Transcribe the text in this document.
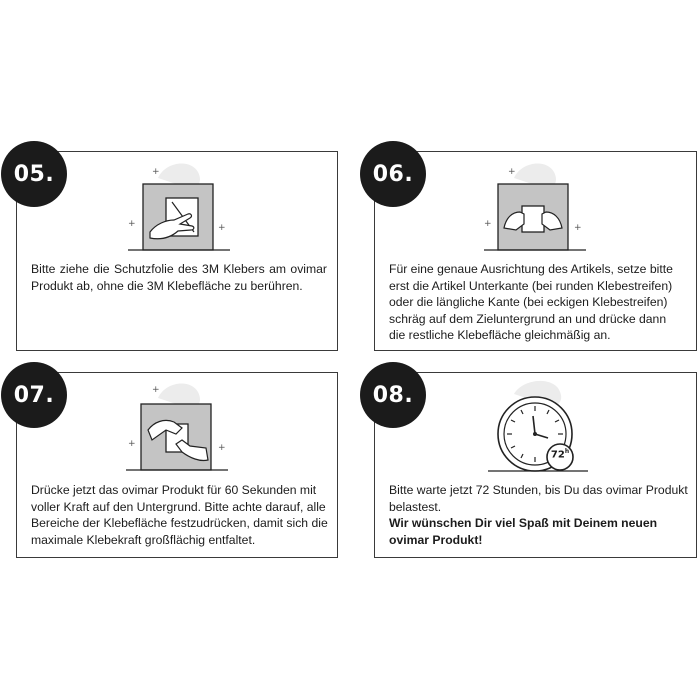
+
+	+
05.
Bitte ziehe die Schutzfolie des 3M Klebers am ovimar Produkt ab, ohne die 3M Klebefläche zu berühren.
+
+	+
06.
Für eine genaue Ausrichtung des Artikels, setze bitte erst die Artikel Unterkante (bei runden Klebestreifen) oder die längliche Kante (bei eckigen Klebestreifen) schräg auf dem Zieluntergrund an und drücke dann die restliche Klebefläche gleichmäßig an.
+
+	+
07.
Drücke jetzt das ovimar Produkt für 60 Sekunden mit voller Kraft auf den Untergrund. Bitte achte darauf, alle Bereiche der Klebefläche festzudrücken, damit sich die maximale Klebekraft großflächig entfaltet.
72$^h$
08.

Bitte warte jetzt 72 Stunden, bis Du das ovimar Produkt belastest.

Wir wünschen Dir viel Spaß mit Deinem neuen ovimar Produkt!
